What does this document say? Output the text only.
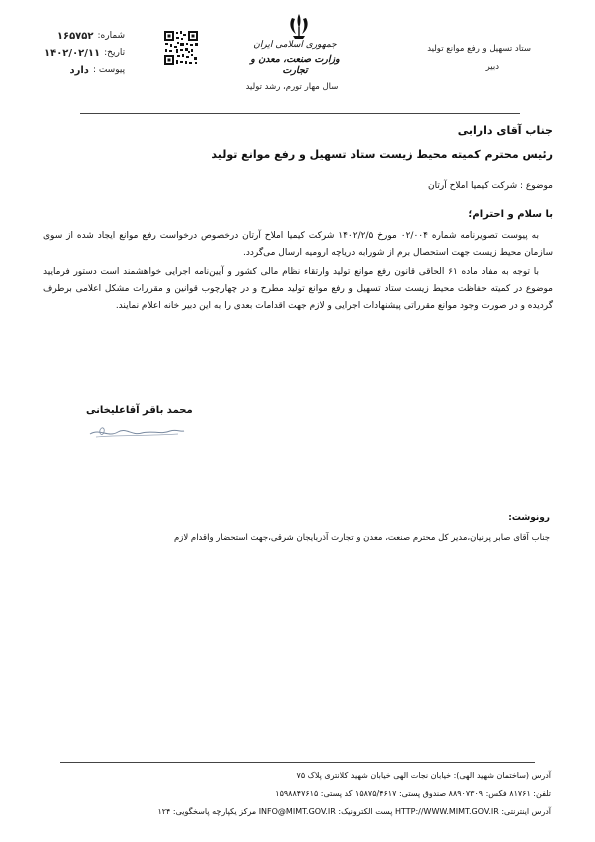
شماره:
۱۶۵۷۵۲
تاریخ:
۱۴۰۲/۰۲/۱۱
پیوست :
دارد
جمهوری اسلامی ایران
وزارت صنعت، معدن و تجارت
سال مهار تورم، رشد تولید
ستاد تسهیل و رفع موانع تولید
دبیر
جناب آقای دارابی
رئیس محترم کمیته محیط زیست ستاد تسهیل و رفع موانع تولید
موضوع : شرکت کیمیا املاح آرتان
با سلام و احترام؛
به پیوست تصویرنامه شماره ۰۲/۰۰۴ مورخ ۱۴۰۲/۲/۵ شرکت کیمیا املاح آرتان درخصوص درخواست رفع موانع ایجاد شده از سوی سازمان محیط زیست جهت استحصال برم از شورابه دریاچه ارومیه ارسال می‌گردد.
با توجه به مفاد ماده ۶۱ الحاقی قانون رفع موانع تولید وارتقاء نظام مالی کشور و آیین‌نامه اجرایی خواهشمند است دستور فرمایید موضوع در کمیته حفاظت محیط زیست ستاد تسهیل و رفع موانع تولید مطرح و در چهارچوب قوانین و مقررات مشکل اعلامی برطرف گردیده و در صورت وجود موانع مقرراتی پیشنهادات اجرایی و لازم جهت اقدامات بعدی را به این دبیر خانه اعلام نمایند.
محمد باقر آقاعلیخانی
رونوشت:
جناب آقای صابر پرنیان،مدیر کل محترم صنعت، معدن و تجارت آذربایجان شرقی،جهت استحضار واقدام لازم
آدرس (ساختمان شهید الهی): خیابان نجات الهی خیابان شهید کلانتری پلاک ۷۵
تلفن: ۸۱۷۶۱ فکس: ۸۸۹۰۷۳۰۹ صندوق پستی: ۱۵۸۷۵/۴۶۱۷ کد پستی: ۱۵۹۸۸۴۷۶۱۵
آدرس اینترنتی: HTTP://WWW.MIMT.GOV.IR پست الکترونیک: INFO@MIMT.GOV.IR مرکز یکپارچه پاسخگویی: ۱۲۴
